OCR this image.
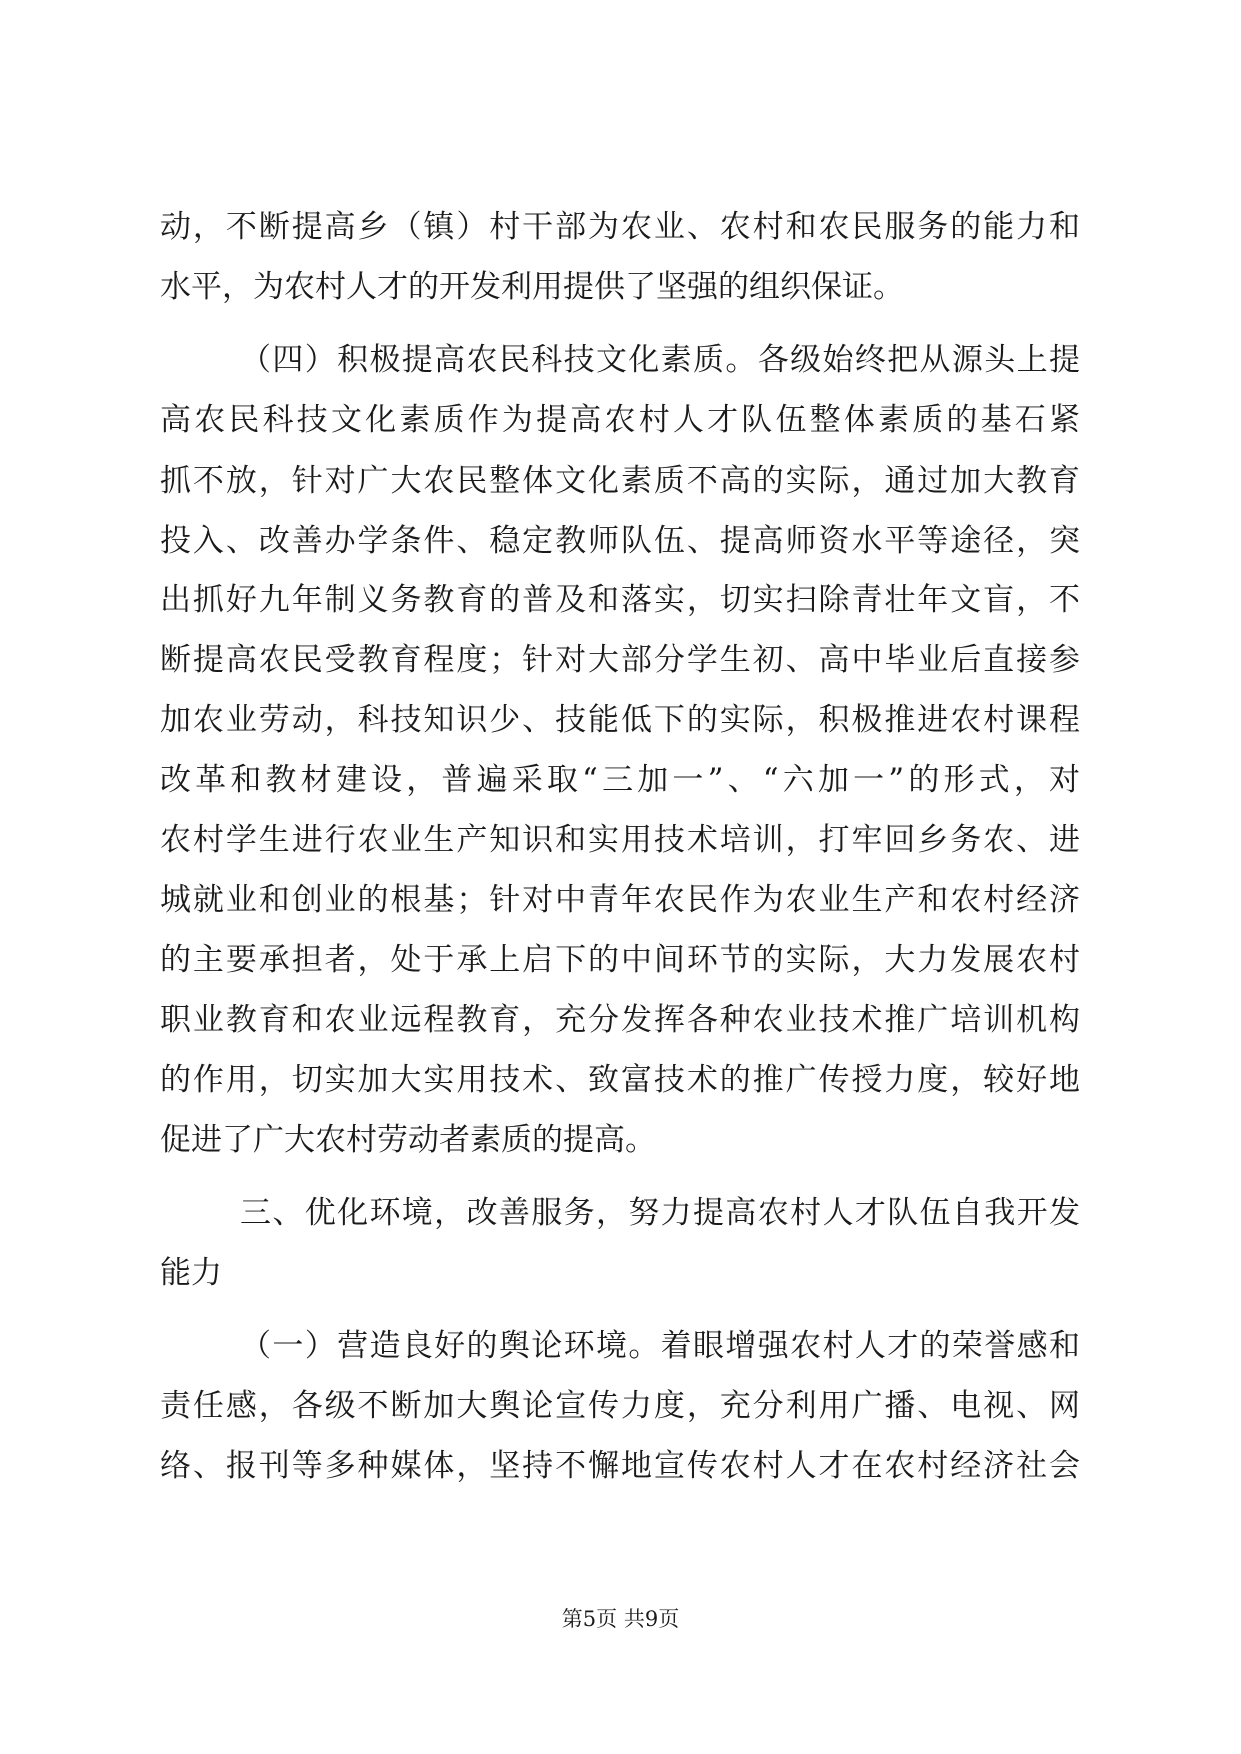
动，不断提高乡（镇）村干部为农业、农村和农民服务的能力和
水平，为农村人才的开发利用提供了坚强的组织保证。
（四）积极提高农民科技文化素质。各级始终把从源头上提
高农民科技文化素质作为提高农村人才队伍整体素质的基石紧
抓不放，针对广大农民整体文化素质不高的实际，通过加大教育
投入、改善办学条件、稳定教师队伍、提高师资水平等途径，突
出抓好九年制义务教育的普及和落实，切实扫除青壮年文盲，不
断提高农民受教育程度；针对大部分学生初、高中毕业后直接参
加农业劳动，科技知识少、技能低下的实际，积极推进农村课程
改革和教材建设，普遍采取“三加一”、“六加一”的形式，对
农村学生进行农业生产知识和实用技术培训，打牢回乡务农、进
城就业和创业的根基；针对中青年农民作为农业生产和农村经济
的主要承担者，处于承上启下的中间环节的实际，大力发展农村
职业教育和农业远程教育，充分发挥各种农业技术推广培训机构
的作用，切实加大实用技术、致富技术的推广传授力度，较好地
促进了广大农村劳动者素质的提高。
三、优化环境，改善服务，努力提高农村人才队伍自我开发
能力
（一）营造良好的舆论环境。着眼增强农村人才的荣誉感和
责任感，各级不断加大舆论宣传力度，充分利用广播、电视、网
络、报刊等多种媒体，坚持不懈地宣传农村人才在农村经济社会
第5页 共9页
